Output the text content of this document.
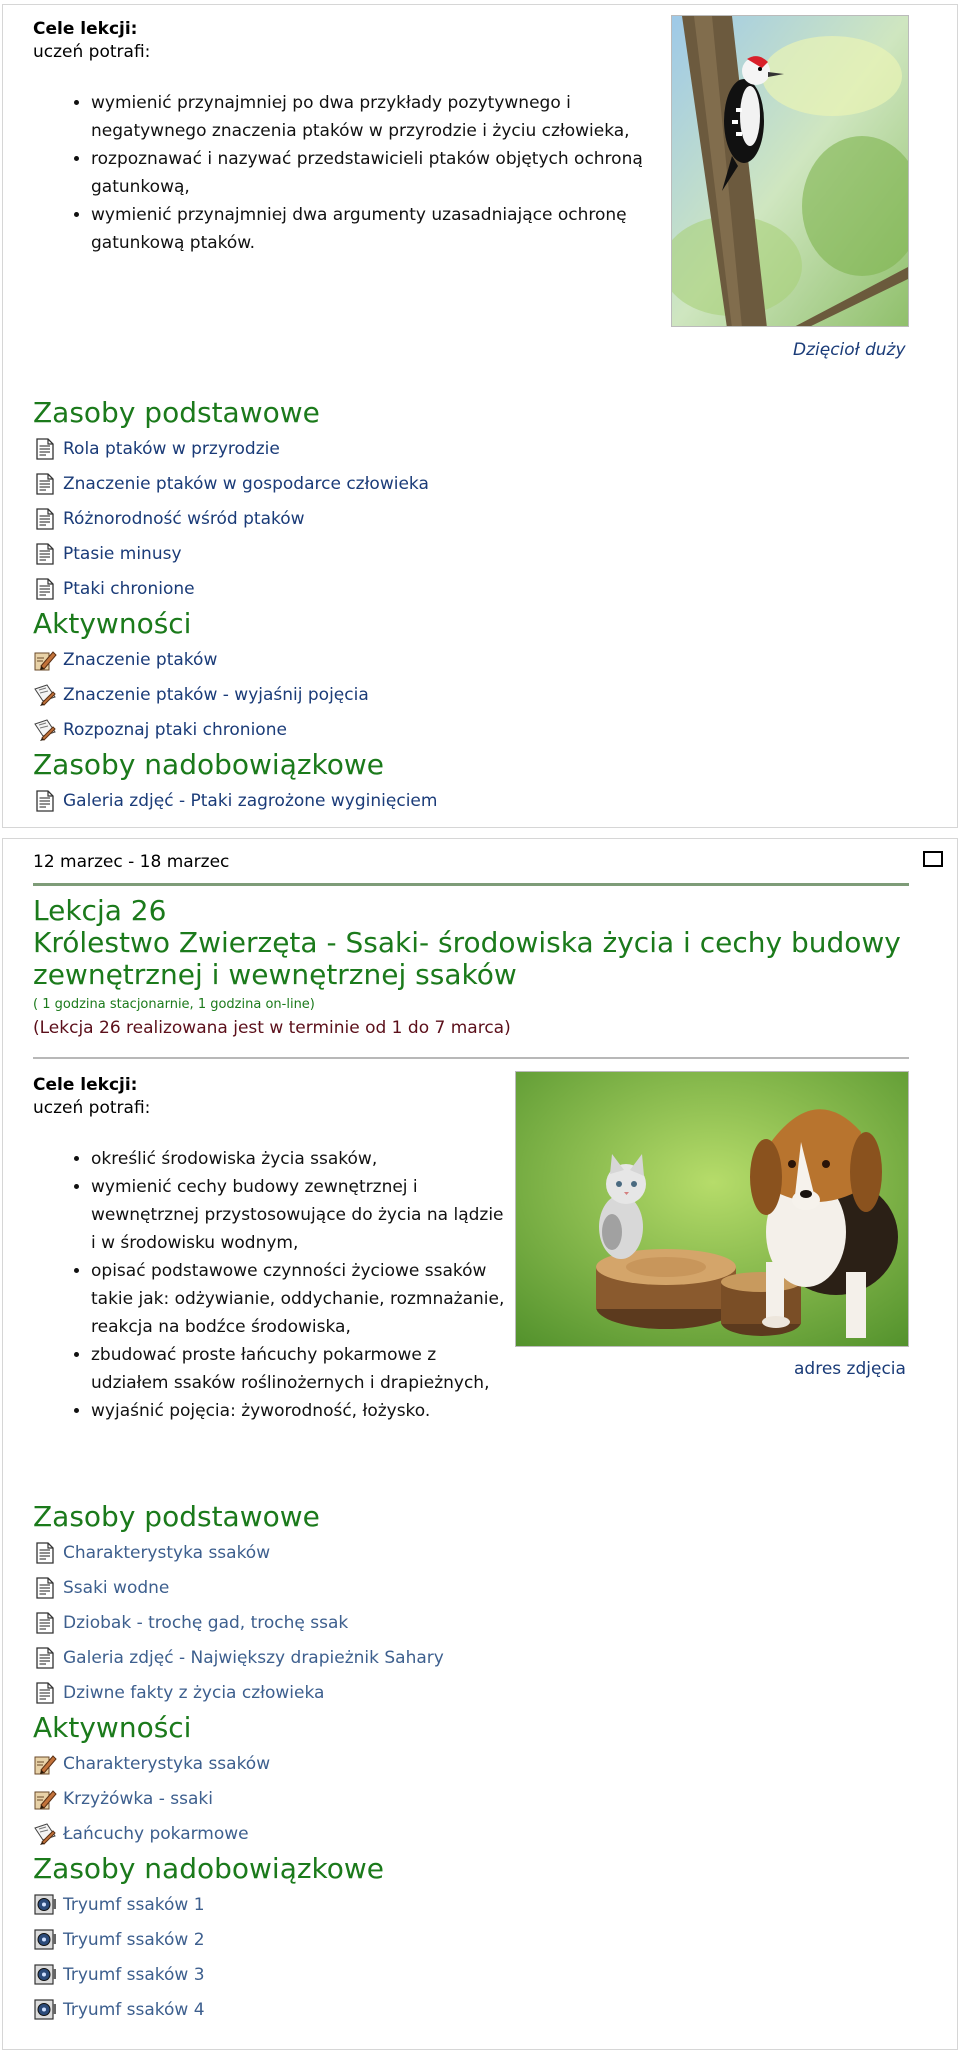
Cele lekcji:
uczeń potrafi:
• wymienić przynajmniej po dwa przykłady pozytywnego i negatywnego znaczenia ptaków w przyrodzie i życiu człowieka,
• rozpoznawać i nazywać przedstawicieli ptaków objętych ochroną gatunkową,
• wymienić przynajmniej dwa argumenty uzasadniające ochronę gatunkową ptaków.
Dzięcioł duży
Zasoby podstawowe
Rola ptaków w przyrodzie
Znaczenie ptaków w gospodarce człowieka
Różnorodność wśród ptaków
Ptasie minusy
Ptaki chronione
Aktywności
Znaczenie ptaków
Znaczenie ptaków - wyjaśnij pojęcia
Rozpoznaj ptaki chronione
Zasoby nadobowiązkowe
Galeria zdjęć - Ptaki zagrożone wyginięciem
12 marzec - 18 marzec
Lekcja 26
Królestwo Zwierzęta - Ssaki- środowiska życia i cechy budowy zewnętrznej i wewnętrznej ssaków
( 1 godzina stacjonarnie, 1 godzina on-line)
(Lekcja 26 realizowana jest w terminie od 1 do 7 marca)
Cele lekcji:
uczeń potrafi:
• określić środowiska życia ssaków,
• wymienić cechy budowy zewnętrznej i wewnętrznej przystosowujące do życia na lądzie i w środowisku wodnym,
• opisać podstawowe czynności życiowe ssaków takie jak: odżywianie, oddychanie, rozmnażanie, reakcja na bodźce środowiska,
• zbudować proste łańcuchy pokarmowe z udziałem ssaków roślinożernych i drapieżnych,
• wyjaśnić pojęcia: żyworodność, łożysko.
adres zdjęcia
Zasoby podstawowe
Charakterystyka ssaków
Ssaki wodne
Dziobak - trochę gad, trochę ssak
Galeria zdjęć - Największy drapieżnik Sahary
Dziwne fakty z życia człowieka
Aktywności
Charakterystyka ssaków
Krzyżówka - ssaki
Łańcuchy pokarmowe
Zasoby nadobowiązkowe
Tryumf ssaków 1
Tryumf ssaków 2
Tryumf ssaków 3
Tryumf ssaków 4
